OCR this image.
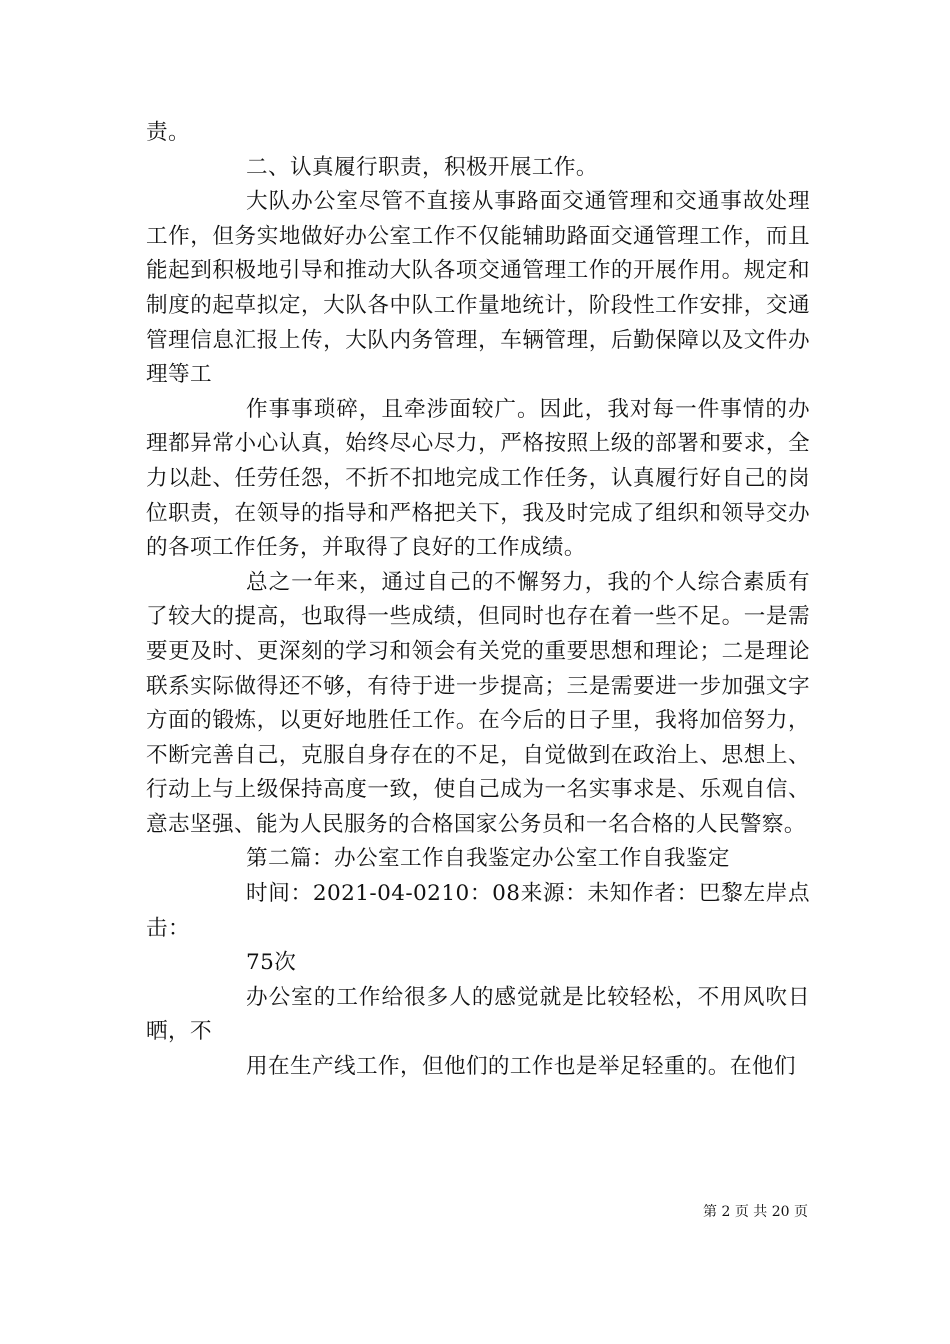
责。

二、认真履行职责，积极开展工作。

大队办公室尽管不直接从事路面交通管理和交通事故处理工作，但务实地做好办公室工作不仅能辅助路面交通管理工作，而且能起到积极地引导和推动大队各项交通管理工作的开展作用。规定和制度的起草拟定，大队各中队工作量地统计，阶段性工作安排，交通管理信息汇报上传，大队内务管理，车辆管理，后勤保障以及文件办理等工

作事事琐碎，且牵涉面较广。因此，我对每一件事情的办理都异常小心认真，始终尽心尽力，严格按照上级的部署和要求，全力以赴、任劳任怨，不折不扣地完成工作任务，认真履行好自己的岗位职责，在领导的指导和严格把关下，我及时完成了组织和领导交办的各项工作任务，并取得了良好的工作成绩。

总之一年来，通过自己的不懈努力，我的个人综合素质有了较大的提高，也取得一些成绩，但同时也存在着一些不足。一是需要更及时、更深刻的学习和领会有关党的重要思想和理论；二是理论联系实际做得还不够，有待于进一步提高；三是需要进一步加强文字方面的锻炼，以更好地胜任工作。在今后的日子里，我将加倍努力，不断完善自己，克服自身存在的不足，自觉做到在政治上、思想上、行动上与上级保持高度一致，使自己成为一名实事求是、乐观自信、意志坚强、能为人民服务的合格国家公务员和一名合格的人民警察。

第二篇：办公室工作自我鉴定办公室工作自我鉴定

时间：2021-04-0210：08来源：未知作者：巴黎左岸点击：

75次

办公室的工作给很多人的感觉就是比较轻松，不用风吹日晒，不

用在生产线工作，但他们的工作也是举足轻重的。在他们

第 2 页 共 20 页
